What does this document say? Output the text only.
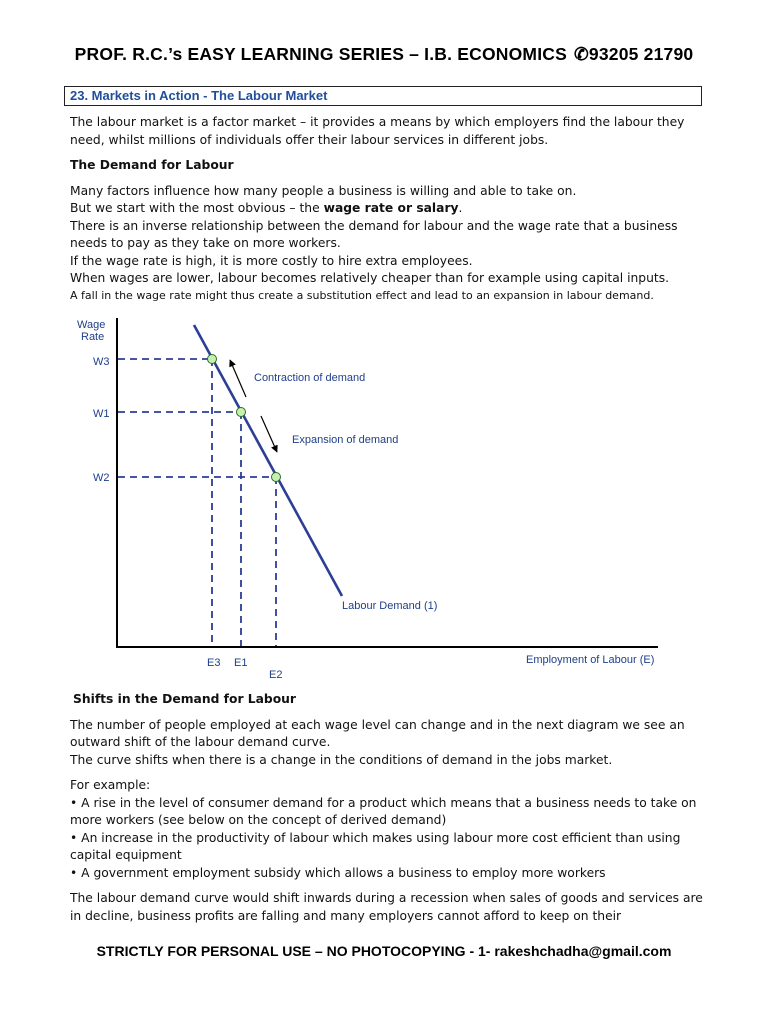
PROF. R.C.’s EASY LEARNING SERIES – I.B. ECONOMICS ✆93205 21790
23. Markets in Action - The Labour Market

The labour market is a factor market – it provides a means by which employers find the labour they need, whilst millions of individuals offer their labour services in different jobs.

The Demand for Labour

Many factors influence how many people a business is willing and able to take on.

But we start with the most obvious – the wage rate or salary.

There is an inverse relationship between the demand for labour and the wage rate that a business needs to pay as they take on more workers.

If the wage rate is high, it is more costly to hire extra employees.

When wages are lower, labour becomes relatively cheaper than for example using capital inputs.

A fall in the wage rate might thus create a substitution effect and lead to an expansion in labour demand.

Wage
Rate
Employment of Labour (E)
W3
W1
W2
E3 E1
E2
Contraction of demand
Expansion of demand
Labour Demand (1)

Shifts in the Demand for Labour

The number of people employed at each wage level can change and in the next diagram we see an outward shift of the labour demand curve.

The curve shifts when there is a change in the conditions of demand in the jobs market.

For example:

• A rise in the level of consumer demand for a product which means that a business needs to take on more workers (see below on the concept of derived demand)

• An increase in the productivity of labour which makes using labour more cost efficient than using capital equipment

• A government employment subsidy which allows a business to employ more workers

The labour demand curve would shift inwards during a recession when sales of goods and services are in decline, business profits are falling and many employers cannot afford to keep on their

STRICTLY FOR PERSONAL USE – NO PHOTOCOPYING - 1- rakeshchadha@gmail.com
